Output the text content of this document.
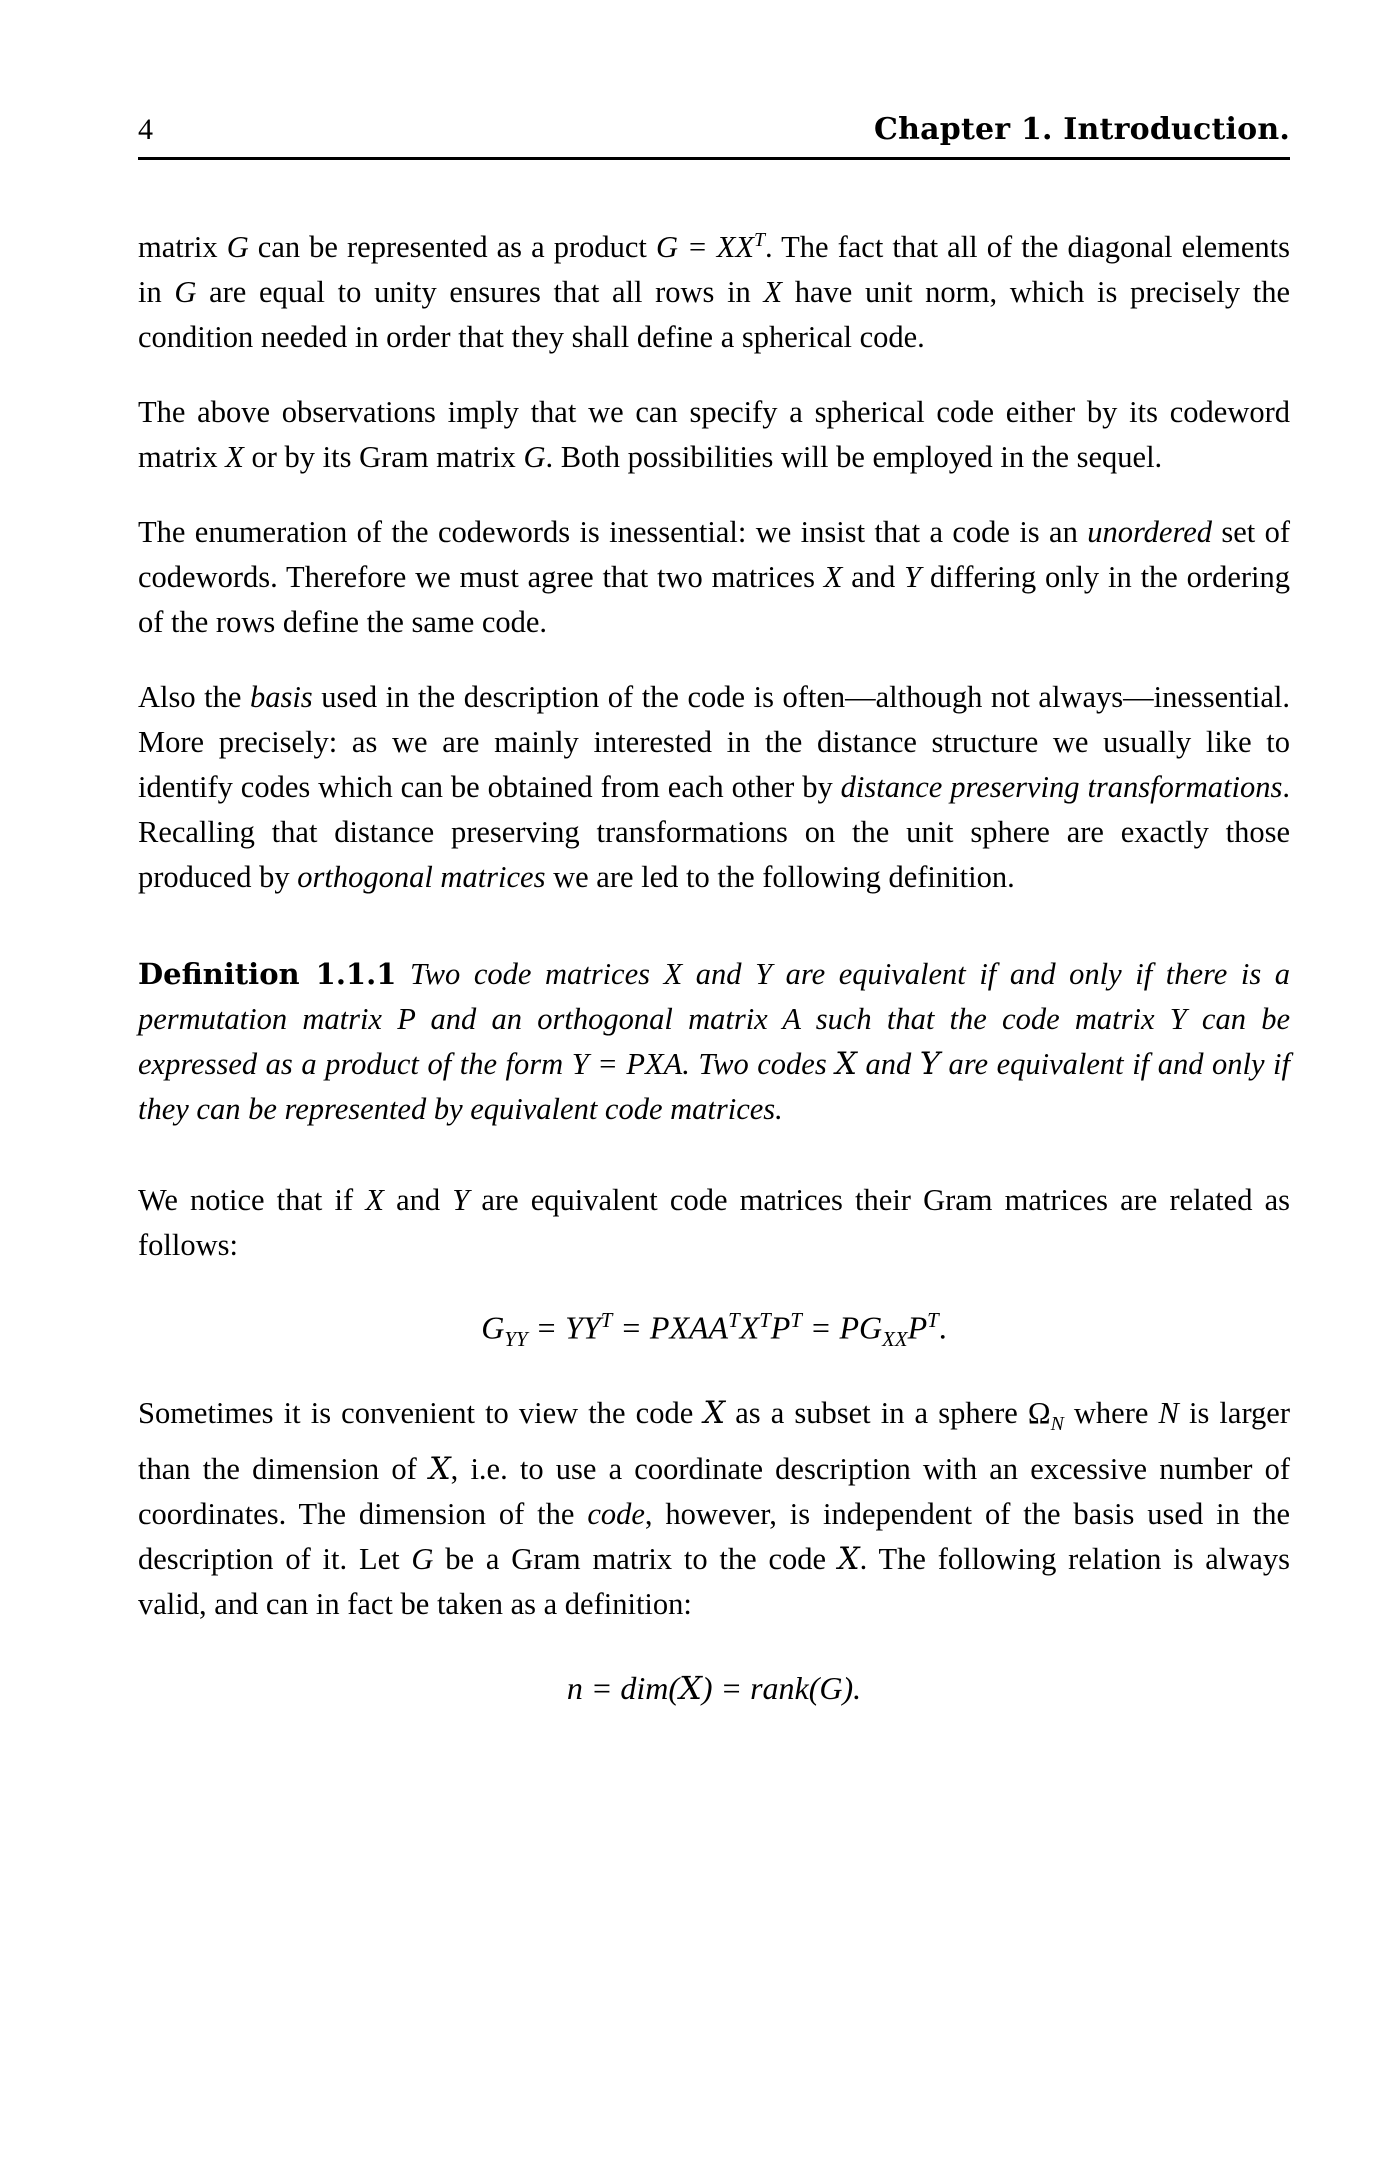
4	Chapter 1. Introduction.

matrix G can be represented as a product $G = XX^T$. The fact that all of the diagonal elements in G are equal to unity ensures that all rows in X have unit norm, which is precisely the condition needed in order that they shall define a spherical code.

The above observations imply that we can specify a spherical code either by its codeword matrix X or by its Gram matrix G. Both possibilities will be employed in the sequel.

The enumeration of the codewords is inessential: we insist that a code is an unordered set of codewords. Therefore we must agree that two matrices X and Y differing only in the ordering of the rows define the same code.

Also the basis used in the description of the code is often—although not always—inessential. More precisely: as we are mainly interested in the distance structure we usually like to identify codes which can be obtained from each other by distance preserving transformations. Recalling that distance preserving transformations on the unit sphere are exactly those produced by orthogonal matrices we are led to the following definition.

Definition 1.1.1 Two code matrices X and Y are equivalent if and only if there is a permutation matrix P and an orthogonal matrix A such that the code matrix Y can be expressed as a product of the form Y = PXA. Two codes X and Y are equivalent if and only if they can be represented by equivalent code matrices.

We notice that if X and Y are equivalent code matrices their Gram matrices are related as follows:

$G_{YY} = YY^T$ = $PXAA^TX^TP^T = PG_{XX}P^T$.

Sometimes it is convenient to view the code X as a subset in a sphere $\Omega_N$ where N is larger than the dimension of X, i.e. to use a coordinate description with an excessive number of coordinates. The dimension of the code, however, is independent of the basis used in the description of it. Let G be a Gram matrix to the code X. The following relation is always valid, and can in fact be taken as a definition:

n = dim(X) = rank(G).
